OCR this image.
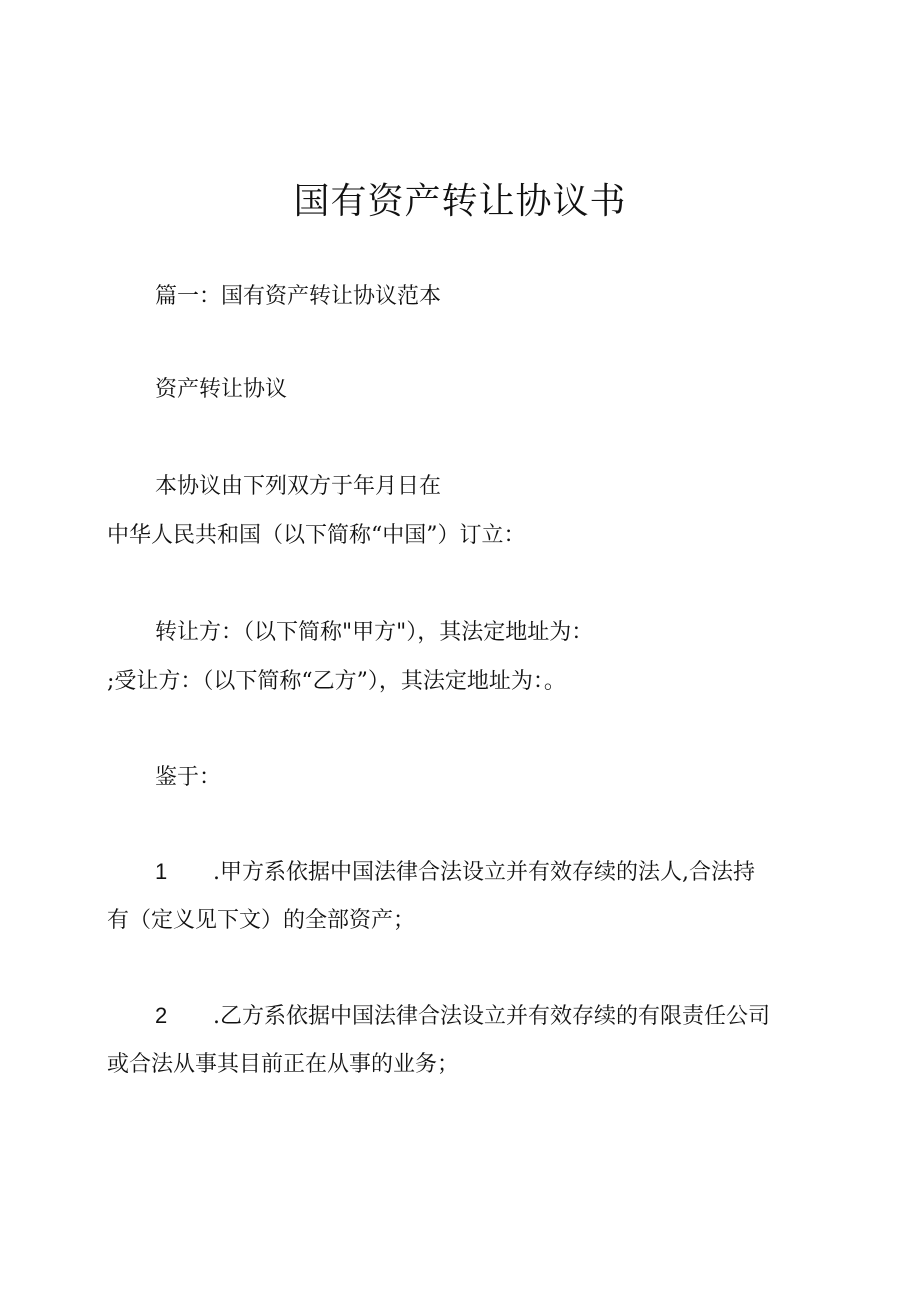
国有资产转让协议书
篇一：国有资产转让协议范本
资产转让协议
本协议由下列双方于年月日在
中华人民共和国（以下简称“中国”）订立：
转让方：（以下简称"甲方"），其法定地址为：
;受让方：（以下简称“乙方”），其法定地址为：。
鉴于：
1 .甲方系依据中国法律合法设立并有效存续的法人,合法持
有（定义见下文）的全部资产；
2 .乙方系依据中国法律合法设立并有效存续的有限责任公司
或合法从事其目前正在从事的业务；
